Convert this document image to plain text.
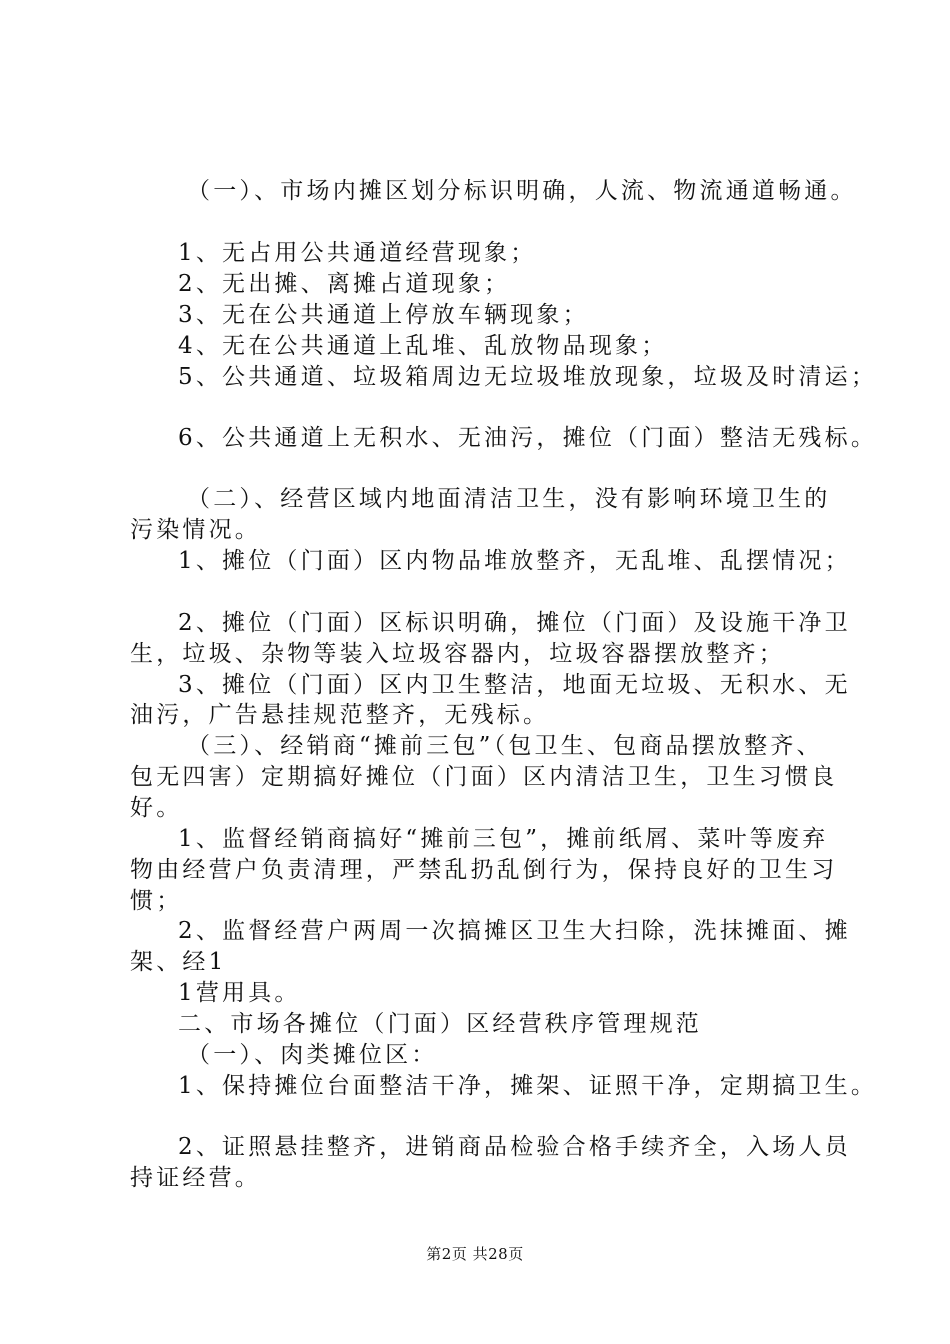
（一）、市场内摊区划分标识明确，人流、物流通道畅通。
1、无占用公共通道经营现象；
2、无出摊、离摊占道现象；
3、无在公共通道上停放车辆现象；
4、无在公共通道上乱堆、乱放物品现象；
5、公共通道、垃圾箱周边无垃圾堆放现象，垃圾及时清运；
6、公共通道上无积水、无油污，摊位（门面）整洁无残标。
（二）、经营区域内地面清洁卫生，没有影响环境卫生的
污染情况。
1、摊位（门面）区内物品堆放整齐，无乱堆、乱摆情况；
2、摊位（门面）区标识明确，摊位（门面）及设施干净卫
生，垃圾、杂物等装入垃圾容器内，垃圾容器摆放整齐；
3、摊位（门面）区内卫生整洁，地面无垃圾、无积水、无
油污，广告悬挂规范整齐，无残标。
（三）、经销商“摊前三包”（包卫生、包商品摆放整齐、
包无四害）定期搞好摊位（门面）区内清洁卫生，卫生习惯良
好。
1、监督经销商搞好“摊前三包”，摊前纸屑、菜叶等废弃
物由经营户负责清理，严禁乱扔乱倒行为，保持良好的卫生习
惯；
2、监督经营户两周一次搞摊区卫生大扫除，洗抹摊面、摊
架、经1
1营用具。
二、市场各摊位（门面）区经营秩序管理规范
（一）、肉类摊位区：
1、保持摊位台面整洁干净，摊架、证照干净，定期搞卫生。
2、证照悬挂整齐，进销商品检验合格手续齐全，入场人员
持证经营。
第2页 共28页
